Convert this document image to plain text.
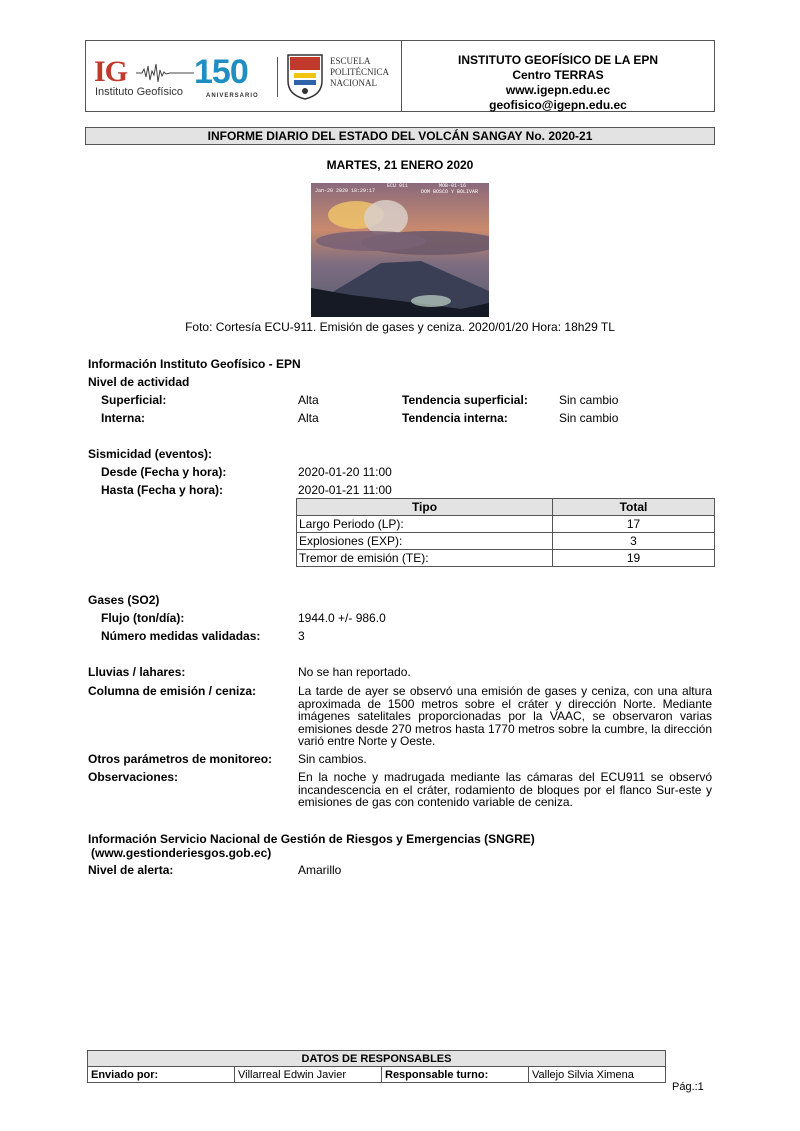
IG
Instituto Geofísico
150
ANIVERSARIO
ESCUELA
POLITÉCNICA
NACIONAL
INSTITUTO GEOFÍSICO DE LA EPN
Centro TERRAS
www.igepn.edu.ec
geofisico@igepn.edu.ec
INFORME DIARIO DEL ESTADO DEL VOLCÁN SANGAY No. 2020-21
MARTES, 21 ENERO 2020
Jan-20 2020 18:29:17
ECU 911	MOB-01-16
DOM BOSCO Y BOLIVAR
Foto: Cortesía ECU-911. Emisión de gases y ceniza. 2020/01/20 Hora: 18h29 TL
Información Instituto Geofísico - EPN
Nivel de actividad
Superficial:	Alta	Tendencia superficial:	Sin cambio
Interna:	Alta	Tendencia interna:	Sin cambio
Sismicidad (eventos):
Desde (Fecha y hora):	2020-01-20 11:00
Hasta (Fecha y hora):	2020-01-21 11:00
Tipo	Total
Largo Periodo (LP):	17
Explosiones (EXP):	3
Tremor de emisión (TE):	19
Gases (SO2)
Flujo (ton/día):	1944.0 +/- 986.0
Número medidas validadas:	3
Lluvias / lahares:	No se han reportado.
Columna de emisión / ceniza:	La tarde de ayer se observó una emisión de gases y ceniza, con una altura aproximada de 1500 metros sobre el cráter y dirección Norte. Mediante imágenes satelitales proporcionadas por la VAAC, se observaron varias emisiones desde 270 metros hasta 1770 metros sobre la cumbre, la dirección varió entre Norte y Oeste.
Otros parámetros de monitoreo: Sin cambios.
Observaciones:	En la noche y madrugada mediante las cámaras del ECU911 se observó incandescencia en el cráter, rodamiento de bloques por el flanco Sur-este y emisiones de gas con contenido variable de ceniza.
Información Servicio Nacional de Gestión de Riesgos y Emergencias (SNGRE)
(www.gestionderiesgos.gob.ec)
Nivel de alerta:	Amarillo
DATOS DE RESPONSABLES
Enviado por:	Villarreal Edwin Javier	Responsable turno:	Vallejo Silvia Ximena
Pág.:1
